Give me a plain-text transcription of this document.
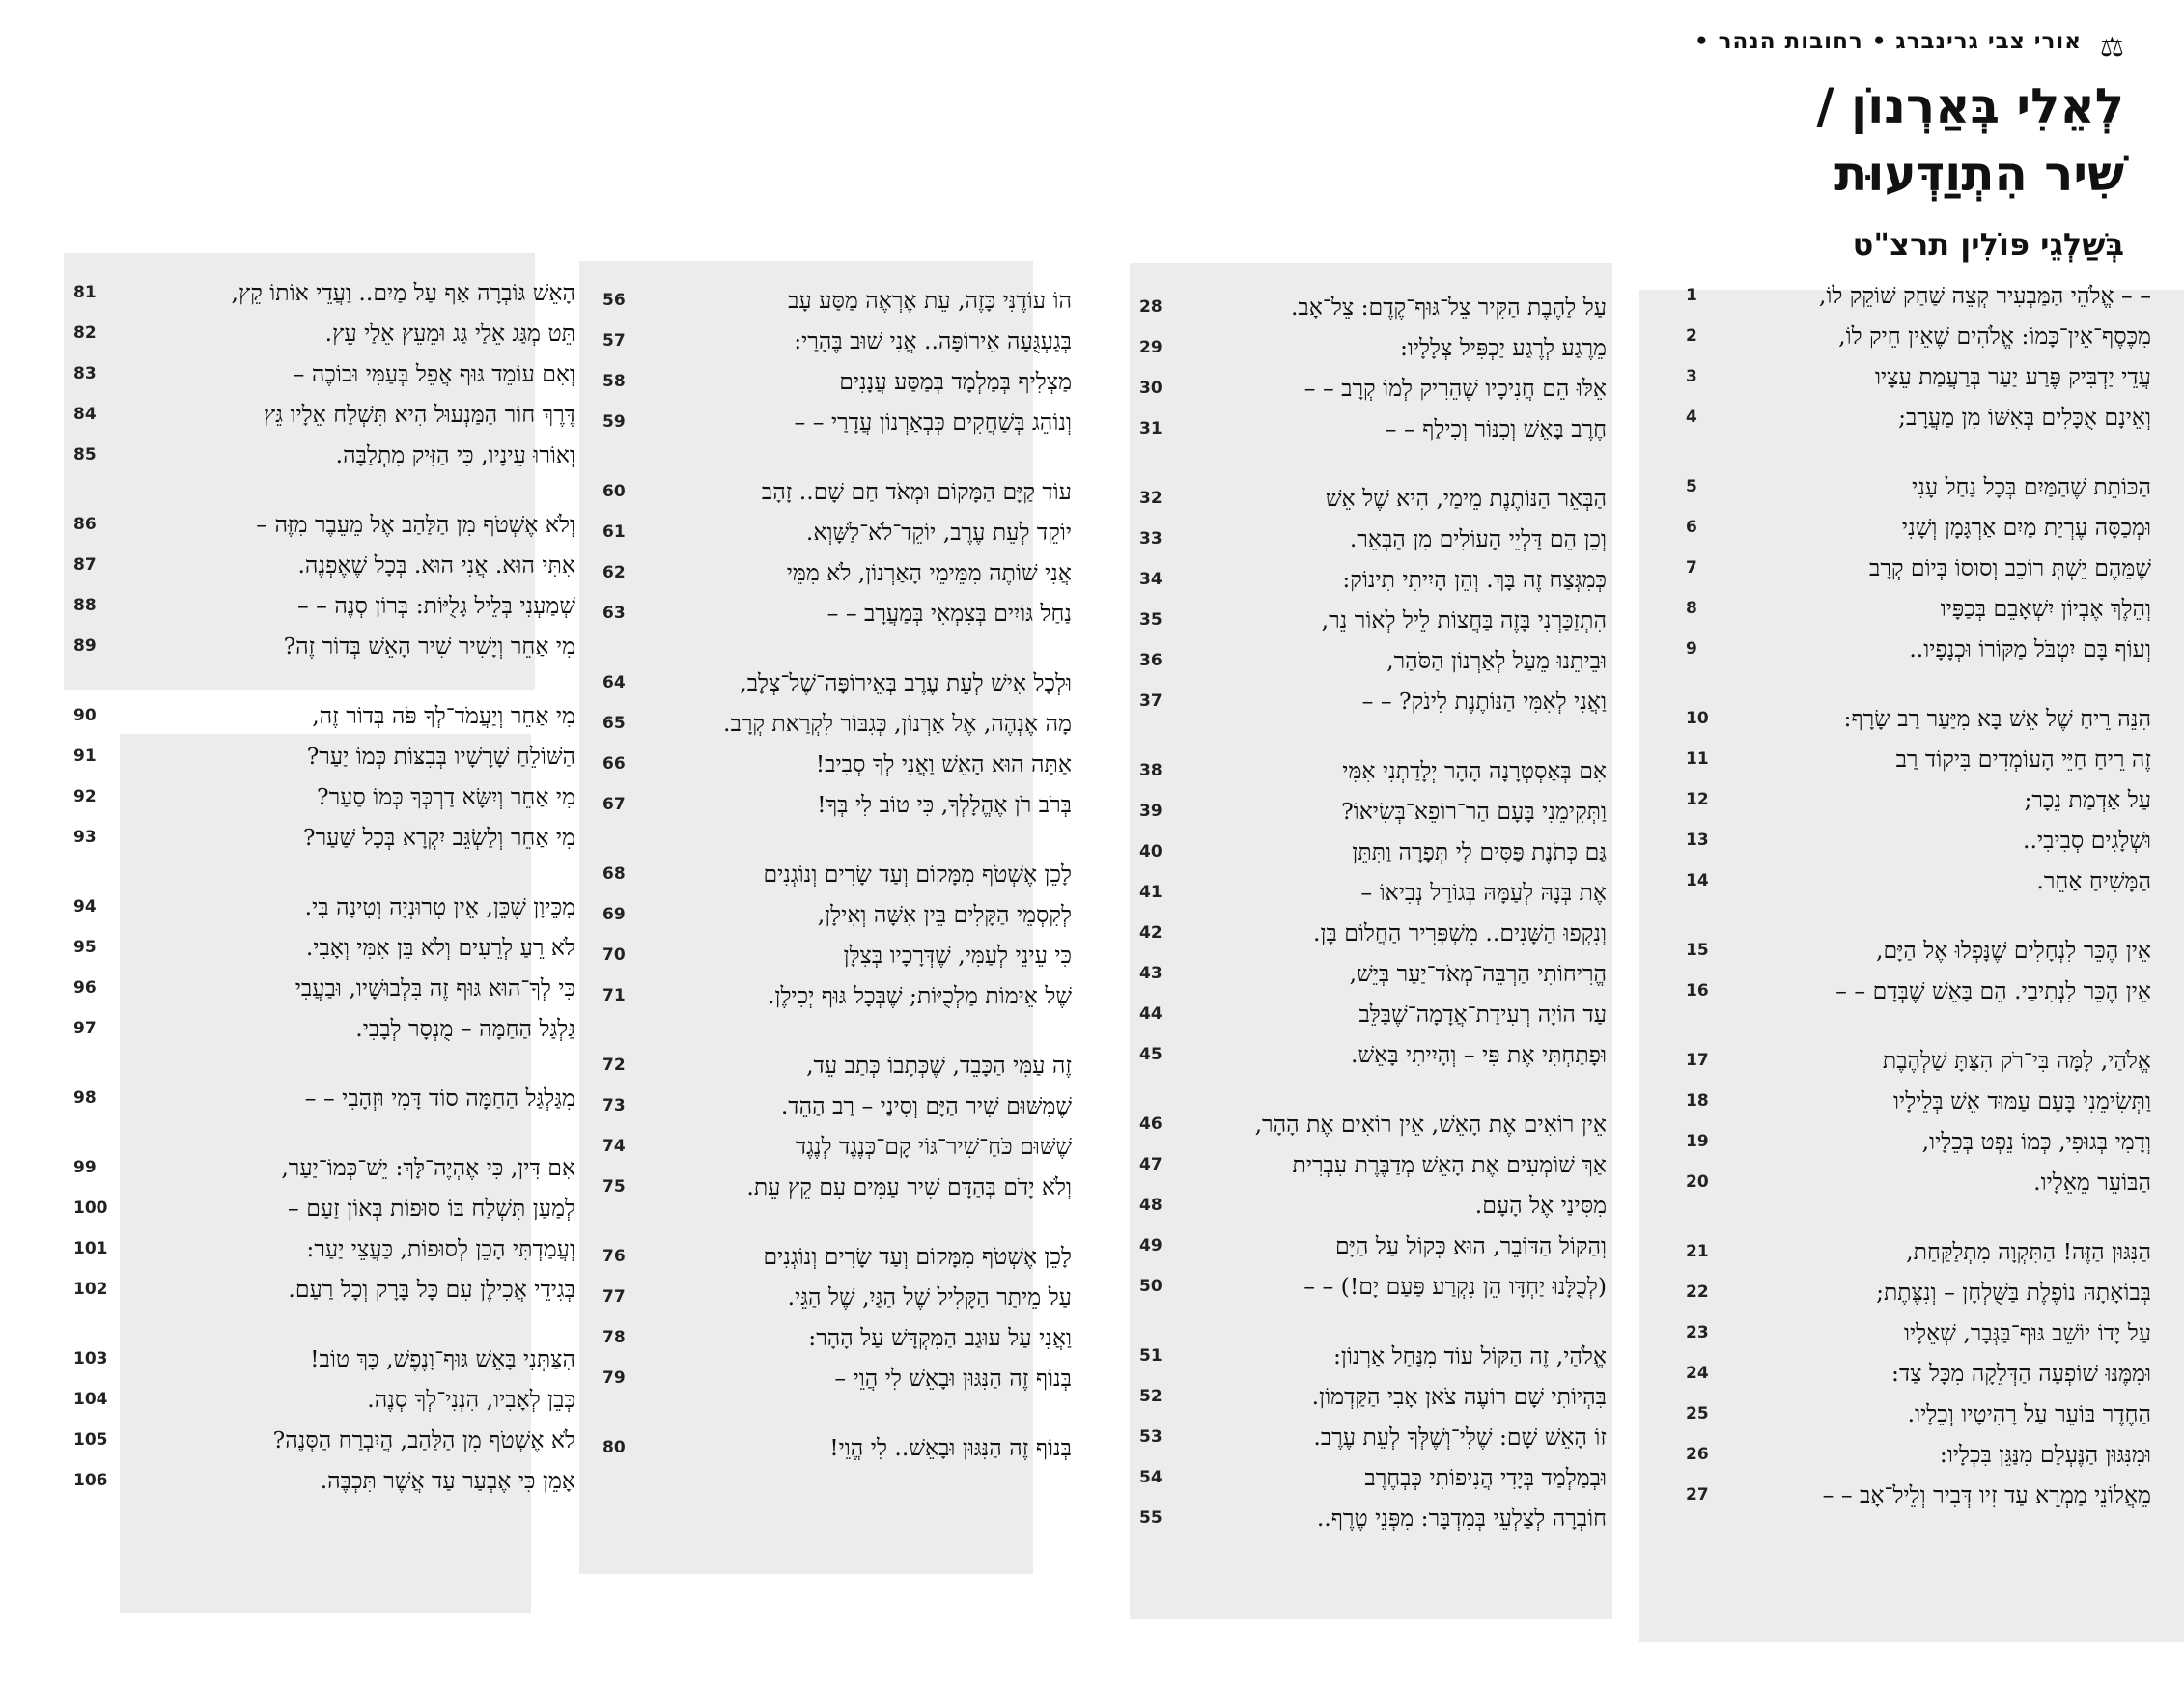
אורי צבי גרינברג • רחובות הנהר • ⚖
לְאֵלִי בְּאַרְנוֹן /
שִׁיר הִתְוַדְּעוּת
בְּשַׁלְגֵי פּוֹלִין תרצ"ט
1	– – אֱלֹהֵי הַמַּבְעִיר קְצֵה שַׁחַק שׁוֹקֵק לוֹ,
2	מִכֶּסֶף־אֵין־כָּמוֹ: אֱלֹהִים שֶׁאֵין חֵיק לוֹ,
3	עֲדֵי יַדְבִּיק פֶּרַע יַעַר בְּרַעֲמַת עֵצָיו
4	וְאֵינָם אֻכָּלִים בְּאִשּׁוֹ מִן מַעֲרָב;
5	הַכּוֹתֵת שֶׁהַמַּיִם בְּכָל נַחַל עָנִי
6	וּמְכַסָּה עֶרְיַת מַיִם אַרְגָּמָן וְשָׁנִי
7	שֶׁמֵּהֶם יֵשְׁתְּ רוֹכֵב וְסוּסוֹ בְּיוֹם קְרָב
8	וְהֵלֶךְ אֶבְיוֹן יִשְׁאָבֵם בְּכַפָּיו
9	וְעוֹף בָּם יִטְבֹּל מַקּוֹרוֹ וּכְנָפָיו..
10	הִנֵּה רֵיחַ שֶׁל אֵשׁ בָּא מִיַּעַר רַב שָׂרָף:
11	זֶה רֵיחַ חַיֵּי הָעוֹמְדִים בִּיקוֹד רַב
12	עַל אַדְמַת נֵכָר;
13	וּשְׁלָגִים סְבִיבִי..
14	הַמָּשִׁיחַ אַחֵר.
15	אֵין הֶכֵּר לִנְחָלִים שֶׁנָּפְלוּ אֶל הַיָּם,
16	אֵין הֶכֵּר לִנְתִיבַי. הֵם בָּאֵשׁ שֶׁבְּדָם – –
17	אֱלֹהַי, לָמָּה בִּי־רֹק הִצַּתָּ שַׁלְהֶבֶת
18	וַתְּשִׂימֵנִי בָּעָם עַמּוּד אֵשׁ בְּלֵילָיו
19	וְדָמִי בְּגוּפִי, כְּמוֹ נֵפְט בְּכֵלָיו,
20	הַבּוֹעֵר מֵאֵלָיו.
21	הַנִּגּוּן הַזֶּה! הַתִּקְוָה מִתְלַקַּחַת,
22	בְּבוֹאָתָהּ נוֹפֶלֶת בַּשֻּׁלְחָן – וְנִצֶּתֶת;
23	עַל יָדוֹ יוֹשֵׁב גּוּף־בַּגְּבָר, שְׁאֵלָיו
24	וּמִמֶּנּוּ שׁוֹפְעָה הַדְּלֵקָה מִכָּל צַד:
25	הַחֶדֶר בּוֹעֵר עַל רָהִיטָיו וְכֵלָיו.
26	וּמִנִּגּוּן הַנֶּעְלָם מִנַּגֵּן בִּכְלָיו:
27	מֵאֲלוֹנֵי מַמְרֵא עַד זִיו דְּבִיר וְלֵיל־אָב – –
28	עַל לַהֶבֶת הַקִּיר צֵל־גּוּף־קֶדֶם: צֵל־אָב.
29	מֵרֶגַע לְרֶגַע יַכְפִּיל צְלָלָיו:
30	אֵלּוּ הֵם חֲנִיכָיו שֶׁהֵרִיק לְמוֹ קְרָב – –
31	חֶרֶב בָּאֵשׁ וְכִנּוֹר וְכִילַף – –
32	הַבְּאֵר הַנּוֹתֶנֶת מֵימַי, הִיא שֶׁל אֵשׁ
33	וְכֵן הֵם דַּלְיֵי הָעוֹלִים מִן הַבְּאֵר.
34	כְּמִגְּצַח זֶה בָּךְ. וְהֵן הָיִיתִי תִינוֹק:
35	הִתְזַכַּרְנִי בָּזֶה בַּחֲצוֹת לֵיל לְאוֹר נֵר,
36	וּבֵיתֵנוּ מֵעַל לְאַרְנוֹן הַסֹּהַר,
37	וַאֲנִי לְאִמִּי הַנּוֹתֶנֶת לִינֹק? – –
38	אִם בְּאַסְטְרָנָה הָהָר יְלָדַתְנִי אִמִּי
39	וַתְּקִימֵנִי בָּעָם הַר־רוֹפֵא־בְּשִׂיאוֹ?
40	גַּם כְּתֹנֶת פַּסִּים לִי תְּפָרָה וַתִּתֵּן
41	אֶת בְּנָהּ לְעַמָּהּ בְּגוֹרַל נְבִיאוֹ –
42	וְנִקְפוּ הַשָּׁנִים.. מִשְׁפְּרִיר הַחֲלוֹם בָּן.
43	הֱרִיחוֹתִי הַרְבֵּה־מְאֹד־יַעַר בְּיֵשׁ,
44	עַד הוֹיָה רְעִידַת־אֲדָמָה־שֶׁבַּלֵּב
45	וּפָתַחְתִּי אֶת פִּי – וְהָיִיתִי בָּאֵשׁ.
46	אֵין רוֹאִים אֶת הָאֵשׁ, אֵין רוֹאִים אֶת הָהָר,
47	אַךְ שׁוֹמְעִים אֶת הָאֵשׁ מְדַבֶּרֶת עִבְרִית
48	מִסִּינַי אֶל הָעָם.
49	וְהַקּוֹל הַדּוֹבֵר, הוּא כְּקוֹל עַל הַיָּם
50	(לְכֻלָּנוּ יַחְדָּו הֵן נִקְרַע פַּעַם יָם!) – –
51	אֱלֹהַי, זֶה הַקּוֹל עוֹד מִנַּחַל אַרְנוֹן:
52	בִּהְיוֹתִי שָׁם רוֹעֶה צֹאן אָבִי הַקַּדְמוֹן.
53	זוֹ הָאֵשׁ שָׁם: שֶׁלִּי־וְשֶׁלְּךָ לְעֵת עֶרֶב.
54	וּבְמַלְמַד בְּיָדִי הֲנִיפוֹתִי כְּבְחֶרֶב
55	חוֹבְרָה לְצַלְעֵי בְּמִדְבָּר: מִפְּנֵי טֶרֶף..
56	הוֹ עוֹדֶנִּי כָּזֶה, עֵת אֶרְאֶה מַסַּע עָב
57	בְּגַעְגֻּעָה אֵירוֹפָּה.. אֲנִי שׁוּב בֶּהָרַי:
58	מַצְלִיף בְּמַלְמָד בְּמַסַּע עֲנָנִים
59	וְנוֹהֵג בְּשַׁחֲקִים כְּבְאַרְנוֹן עֲדָרַי – –
60	עוֹד קַיָּם הַמָּקוֹם וּמְאֹד חַם שָׁם.. זָהָב
61	יוֹקֵד לְעֵת עֶרֶב, יוֹקֵד־לֹא־לַשָּׁוְא.
62	אֲנִי שׁוֹתֶה מִמֵּימֵי הָאַרְנוֹן, לֹא מִמֵּי
63	נַחַל גּוֹיִים בְּצִמְאִי בְּמַעֲרָב – –
64	וּלְכָל אִישׁ לְעֵת עֶרֶב בְּאֵירוֹפָּה־שֶׁל־צְלָב,
65	מָה אֶנְהֶה, אֶל אַרְנוֹן, כְּגִבּוֹר לִקְרַאת קְרָב.
66	אַתָּה הוּא הָאֵשׁ וַאֲנִי לְךָ סְבִיב!
67	בְּרֹב רֹן אֶהֱלָלְךָ, כִּי טוֹב לִי בְּךָ!
68	לָכֵן אֶשְׁטֹף מִמָּקוֹם וְעַד שָׂרִים וְנוֹגְנִים
69	לְקִסְמֵי הַקָּלִים בֵּין אִשָּׁה וְאִילָן,
70	כִּי עֵינֵי לְעַמִּי, שֶׁדְּרָכָיו בְּצִלָּן
71	שֶׁל אֵימוֹת מַלְכֻיּוֹת; שֶׁבְּכָל גּוּף יְכִילֶן.
72	זֶה עַמִּי הַכָּבֵד, שֶׁכְּתָבוֹ כְּתַב עֵד,
73	שֶׁמִּשּׁוּם שִׁיר הַיָּם וְסִינַי – רַב הַהֵד.
74	שֶׁשּׁוּם כֹּחַ־שִׁיר־גּוֹי קָם־כְּנֶגֶד לְנֶגֶד
75	וְלֹא יָדֹם בְּהַדָּם שִׁיר עַמִּים עִם קֵץ עֵת.
76	לָכֵן אֶשְׁטֹף מִמָּקוֹם וְעַד שָׂרִים וְנוֹגְנִים
77	עַל מֵיתַר הַקָּלִיל שֶׁל הַגַּיִ, שֶׁל הַגֵּי.
78	וַאֲנִי עַל עוּגַב הַמִּקְדָּשׁ עַל הָהָר:
79	בְּנוֹף זֶה הַנִּגּוּן וּבָאֵשׁ לִי הֲוֵי –
80	בְּנוֹף זֶה הַנִּגּוּן וּבָאֵשׁ.. לִי הֱוֵי!
81	הָאֵשׁ גּוֹבְרָה אַף עַל מַיִם.. וַעֲדֵי אוֹתוֹ קֵץ,
82	תֵּט מְגַּג אֵלַי גַּג וּמֵעֵץ אֵלַי עֵץ.
83	וְאִם עוֹמֵד גּוּף אֲפֵל בְּעַמִּי וּבוֹכֶה –
84	דֶּרֶךְ חוֹר הַמַּנְעוּל הִיא תִּשְׁלַח אֵלָיו גֵּץ
85	וְאוֹרוּ עֵינָיו, כִּי הַזִּיק מִתְלַבָּה.
86	וְלֹא אֶשְׁטֹף מִן הַלַּהַב אֶל מֵעֵבֶר מִזֶּה –
87	אִתִּי הוּא. אֲנִי הוּא. בְּכָל שֶׁאֶפְנֶה.
88	שְׁמַעְנִי בְּלֵיל גָּלֻיּוֹת: בְּרוֹן סְנֶה – –
89	מִי אַחֵר וְיָשִׁיר שִׁיר הָאֵשׁ בְּדוֹר זֶה?
90	מִי אַחֵר וְיַעֲמֹד־לְךָ פֹּה בְּדוֹר זֶה,
91	הַשּׁוֹלֵחַ שָׁרָשָׁיו בְּבִצּוֹת כְּמוֹ יַעַר?
92	מִי אַחֵר וְיִשָּׂא דַרְכְּךָ כְּמוֹ סַעַר?
93	מִי אַחֵר וְלַשְׂגֵּב יִקְרָא בְּכָל שַׁעַר?
94	מִכֵּיוָן שֶׁכֵּן, אֵין טְרוּנְיָה וְטִינָה בִּי.
95	לֹא רֵעַ לְרֵעִים וְלֹא בֵּן אִמִּי וְאָבִי.
96	כִּי לְךָ־הוּא גּוּף זֶה בִּלְבוּשָׁיו, וּבַעֲבִי
97	גַּלְגַּל הַחַמָּה – מֻנְסָר לְבָבִי.
98	מִגַּלְגַּל הַחַמָּה סוֹד דָּמִי וּזְהָבִי – –
99	אִם דִּין, כִּי אֶהְיֶה־לָּךְ: יֵשׁ־כְּמוֹ־יַעַר,
100	לְמַעַן תִּשְׁלַח בּוֹ סוּפוֹת בְּאוֹן זַעַם –
101	וְעֲמַדְתִּי הָכֵן לְסוּפוֹת, כַּעֲצֵי יַעַר:
102	בְּגִידֵי אֲכִילֶן עִם כָּל בָּרָק וְכָל רַעַם.
103	הִצַּתְּנִי בָּאֵשׁ גּוּף־וָנֶפֶשׁ, כָּךְ טוֹב!
104	כְּבֵן לְאָבִיו, הִנְנִי־לְךָ סְנֶה.
105	לֹא אֶשְׁטֹף מִן הַלַּהַב, הֲיִבְרַח הַסְּנֶה?
106	אָמֵן כִּי אֶבְעַר עַד אֲשֶׁר תִּכְבֶּה.
